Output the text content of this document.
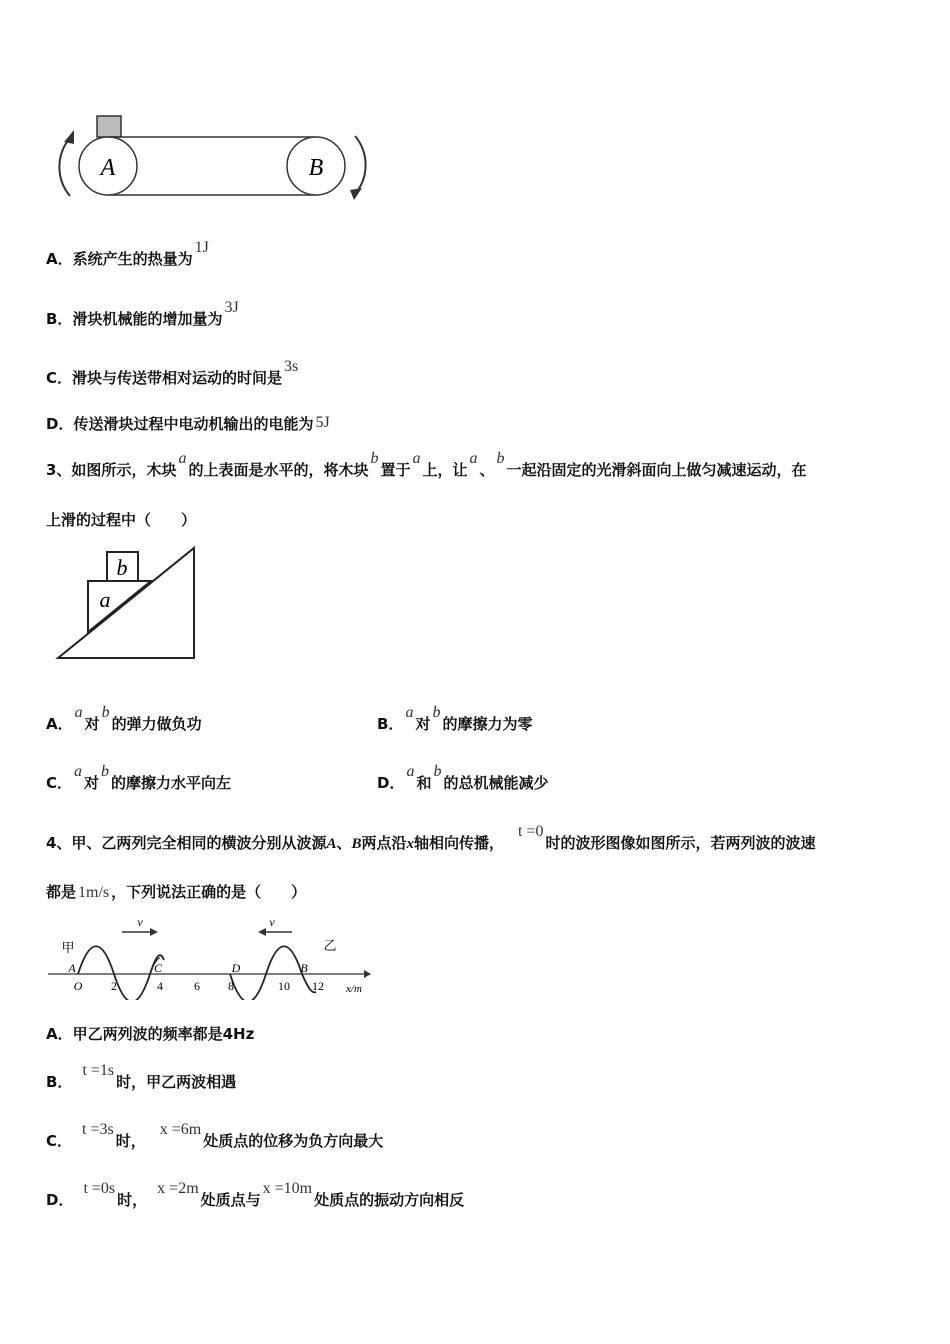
A	B
A．系统产生的热量为1J
B．滑块机械能的增加量为3J
C．滑块与传送带相对运动的时间是3s
D．传送滑块过程中电动机输出的电能为 5J
3、如图所示，木块a的上表面是水平的，将木块b置于a上，让a、b一起沿固定的光滑斜面向上做匀减速运动，在
上滑的过程中（　　）
a
b
A．a对b的弹力做负功	B．a对b的摩擦力为零
C．a对b的摩擦力水平向左	D．a和b的总机械能减少
4、甲、乙两列完全相同的横波分别从波源A、B两点沿x轴相向传播，t =0时的波形图像如图所示，若两列波的波速
都是 1m/s ，下列说法正确的是（　　）
甲	乙
v	v
A	C	D	B
O 2	4	6 8	10 12 x/m
A．甲乙两列波的频率都是4Hz
B．t =1s时，甲乙两波相遇
C．t =3s时，x =6m处质点的位移为负方向最大
D．t =0s时，x =2m处质点与x =10m处质点的振动方向相反
